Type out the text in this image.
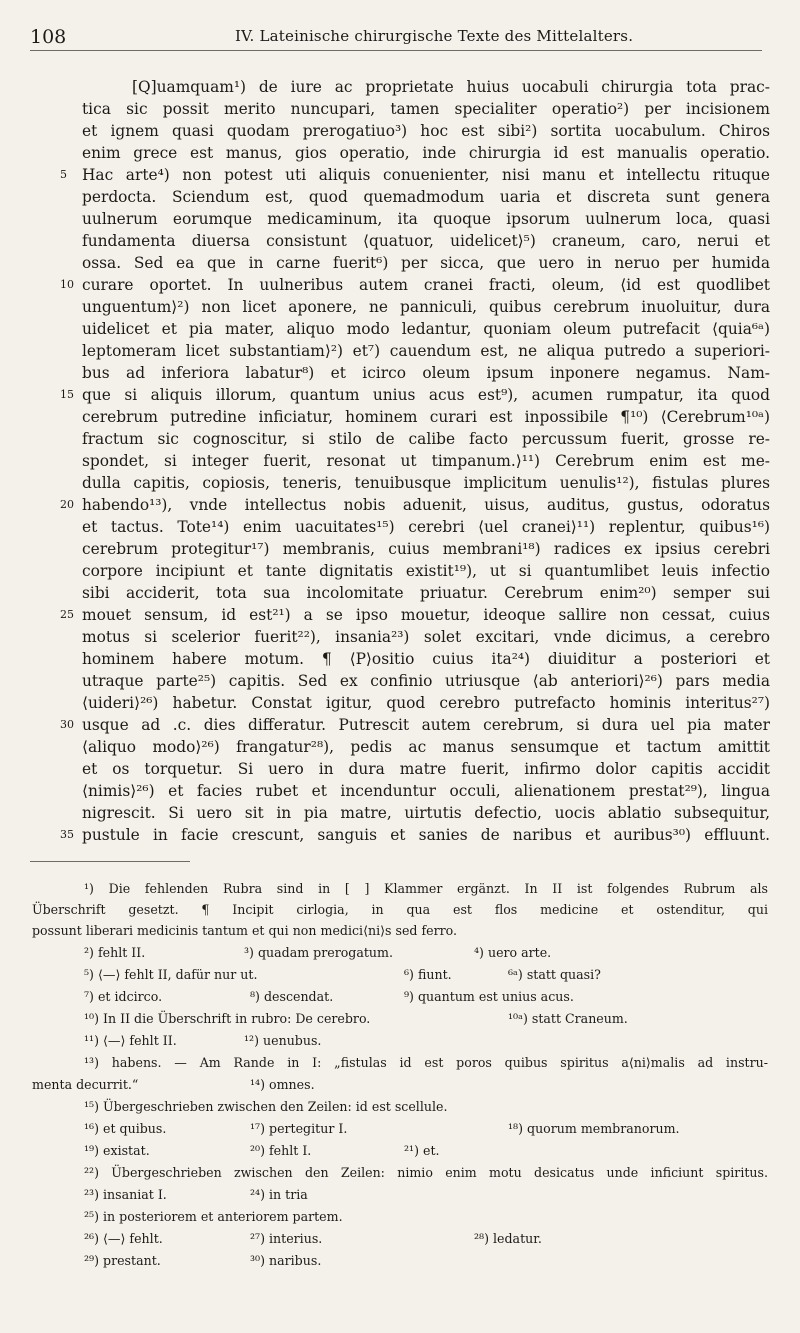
108	IV. Lateinische chirurgische Texte des Mittelalters.
[Q]uamquam¹) de iure ac proprietate huius uocabuli chirurgia tota prac-
tica sic possit merito nuncupari, tamen specialiter operatio²) per incisionem
et ignem quasi quodam prerogatiuo³) hoc est sibi²) sortita uocabulum. Chiros
enim grece est manus, gios operatio, inde chirurgia id est manualis operatio.
5 Hac arte⁴) non potest uti aliquis conuenienter, nisi manu et intellectu rituque
perdocta. Sciendum est, quod quemadmodum uaria et discreta sunt genera
uulnerum eorumque medicaminum, ita quoque ipsorum uulnerum loca, quasi
fundamenta diuersa consistunt ⟨quatuor, uidelicet⟩⁵) craneum, caro, nerui et
ossa. Sed ea que in carne fuerit⁶) per sicca, que uero in neruo per humida
10 curare oportet. In uulneribus autem cranei fracti, oleum, ⟨id est quodlibet
unguentum⟩²) non licet aponere, ne panniculi, quibus cerebrum inuoluitur, dura
uidelicet et pia mater, aliquo modo ledantur, quoniam oleum putrefacit ⟨quia⁶ᵃ)
leptomeram licet substantiam⟩²) et⁷) cauendum est, ne aliqua putredo a superiori-
bus ad inferiora labatur⁸) et icirco oleum ipsum inponere negamus. Nam-
15 que si aliquis illorum, quantum unius acus est⁹), acumen rumpatur, ita quod
cerebrum putredine inficiatur, hominem curari est inpossibile ¶¹⁰) ⟨Cerebrum¹⁰ᵃ)
fractum sic cognoscitur, si stilo de calibe facto percussum fuerit, grosse re-
spondet, si integer fuerit, resonat ut timpanum.⟩¹¹) Cerebrum enim est me-
dulla capitis, copiosis, teneris, tenuibusque implicitum uenulis¹²), fistulas plures
20 habendo¹³), vnde intellectus nobis aduenit, uisus, auditus, gustus, odoratus
et tactus. Tote¹⁴) enim uacuitates¹⁵) cerebri ⟨uel cranei⟩¹¹) replentur, quibus¹⁶)
cerebrum protegitur¹⁷) membranis, cuius membrani¹⁸) radices ex ipsius cerebri
corpore incipiunt et tante dignitatis existit¹⁹), ut si quantumlibet leuis infectio
sibi acciderit, tota sua incolomitate priuatur. Cerebrum enim²⁰) semper sui
25 mouet sensum, id est²¹) a se ipso mouetur, ideoque sallire non cessat, cuius
motus si scelerior fuerit²²), insania²³) solet excitari, vnde dicimus, a cerebro
hominem habere motum. ¶ ⟨P⟩ositio cuius ita²⁴) diuiditur a posteriori et
utraque parte²⁵) capitis. Sed ex confinio utriusque ⟨ab anteriori⟩²⁶) pars media
⟨uideri⟩²⁶) habetur. Constat igitur, quod cerebro putrefacto hominis interitus²⁷)
30 usque ad .c. dies differatur. Putrescit autem cerebrum, si dura uel pia mater
⟨aliquo modo⟩²⁶) frangatur²⁸), pedis ac manus sensumque et tactum amittit
et os torquetur. Si uero in dura matre fuerit, infirmo dolor capitis accidit
⟨nimis⟩²⁶) et facies rubet et incenduntur occuli, alienationem prestat²⁹), lingua
nigrescit. Si uero sit in pia matre, uirtutis defectio, uocis ablatio subsequitur,
35 pustule in facie crescunt, sanguis et sanies de naribus et auribus³⁰) effluunt.
¹) Die fehlenden Rubra sind in [ ] Klammer ergänzt. In II ist folgendes Rubrum als
Überschrift gesetzt. ¶ Incipit cirlogia, in qua est flos medicine et ostenditur, qui
possunt liberari medicinis tantum et qui non medici⟨ni⟩s sed ferro.
²) fehlt II.	³) quadam prerogatum.	⁴) uero arte.
⁵) ⟨—⟩ fehlt II, dafür nur ut.	⁶) fiunt.	⁶ᵃ) statt quasi?
⁷) et idcirco.	⁸) descendat.	⁹) quantum est unius acus.
¹⁰) In II die Überschrift in rubro: De cerebro.	¹⁰ᵃ) statt Craneum.
¹¹) ⟨—⟩ fehlt II.	¹²) uenubus.
¹³) habens. — Am Rande in I: „fistulas id est poros quibus spiritus a⟨ni⟩malis ad instru-
menta decurrit.“	¹⁴) omnes.
¹⁵) Übergeschrieben zwischen den Zeilen: id est scellule.
¹⁶) et quibus.	¹⁷) pertegitur I.	¹⁸) quorum membranorum.
¹⁹) existat.	²⁰) fehlt I.	²¹) et.
²²) Übergeschrieben zwischen den Zeilen: nimio enim motu desicatus unde inficiunt spiritus.
²³) insaniat I.	²⁴) in tria
²⁵) in posteriorem et anteriorem partem.
²⁶) ⟨—⟩ fehlt.	²⁷) interius.	²⁸) ledatur.
²⁹) prestant.	³⁰) naribus.
